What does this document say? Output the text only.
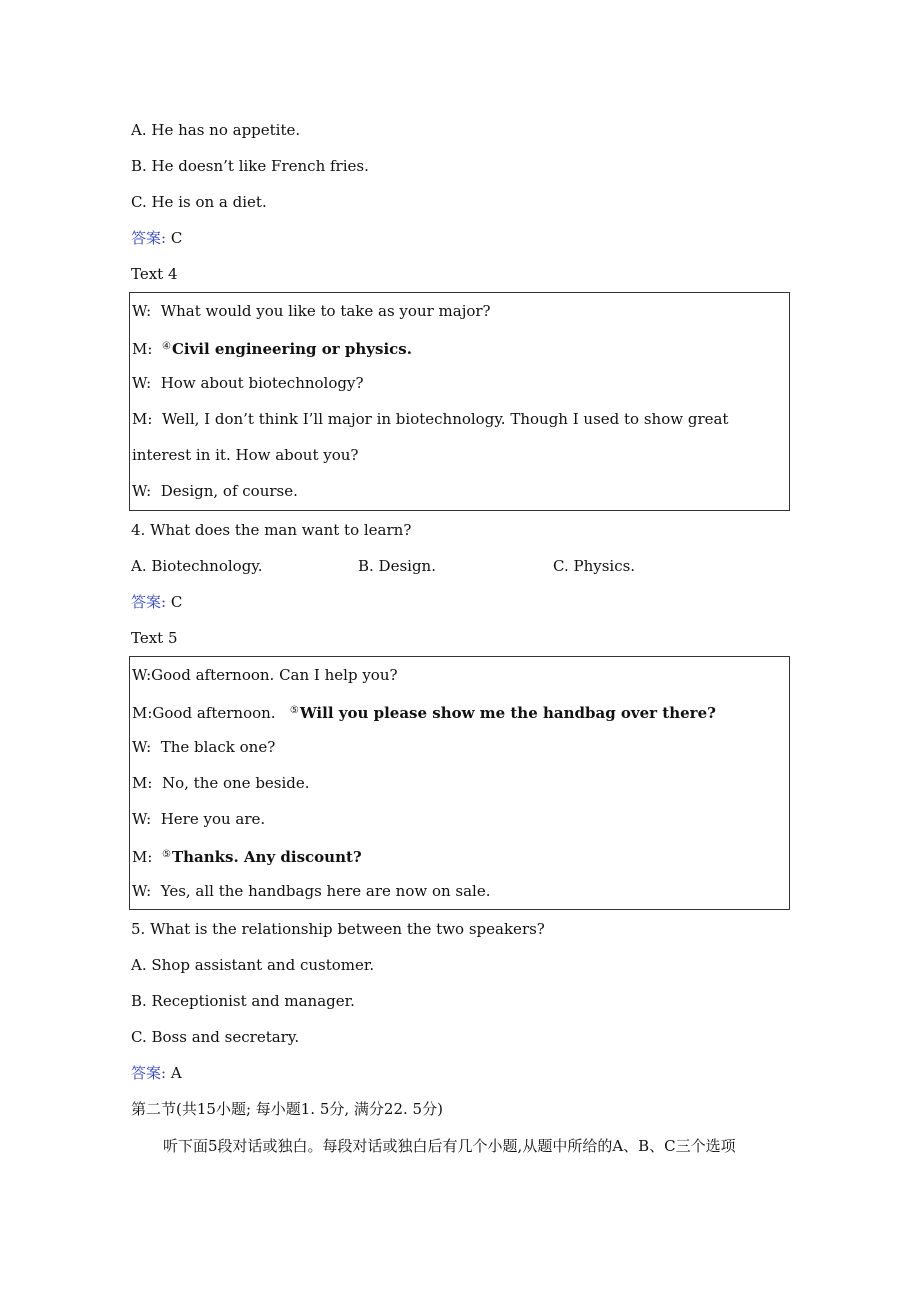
A. He has no appetite.
B. He doesn’t like French fries.
C. He is on a diet.
答案: C
Text 4
W: What would you like to take as your major?
M: ④Civil engineering or physics.
W: How about biotechnology?
M: Well, I don’t think I’ll major in biotechnology. Though I used to show great
interest in it. How about you?
W: Design, of course.
4. What does the man want to learn?
A. Biotechnology.	B. Design.	C. Physics.
答案: C
Text 5
W:Good afternoon. Can I help you?
M:Good afternoon. ⑤Will you please show me the handbag over there?
W: The black one?
M: No, the one beside.
W: Here you are.
M: ⑤Thanks. Any discount?
W: Yes, all the handbags here are now on sale.
5. What is the relationship between the two speakers?
A. Shop assistant and customer.
B. Receptionist and manager.
C. Boss and secretary.
答案: A
第二节(共15小题; 每小题1. 5分, 满分22. 5分)
听下面5段对话或独白。每段对话或独白后有几个小题,从题中所给的A、B、C三个选项
